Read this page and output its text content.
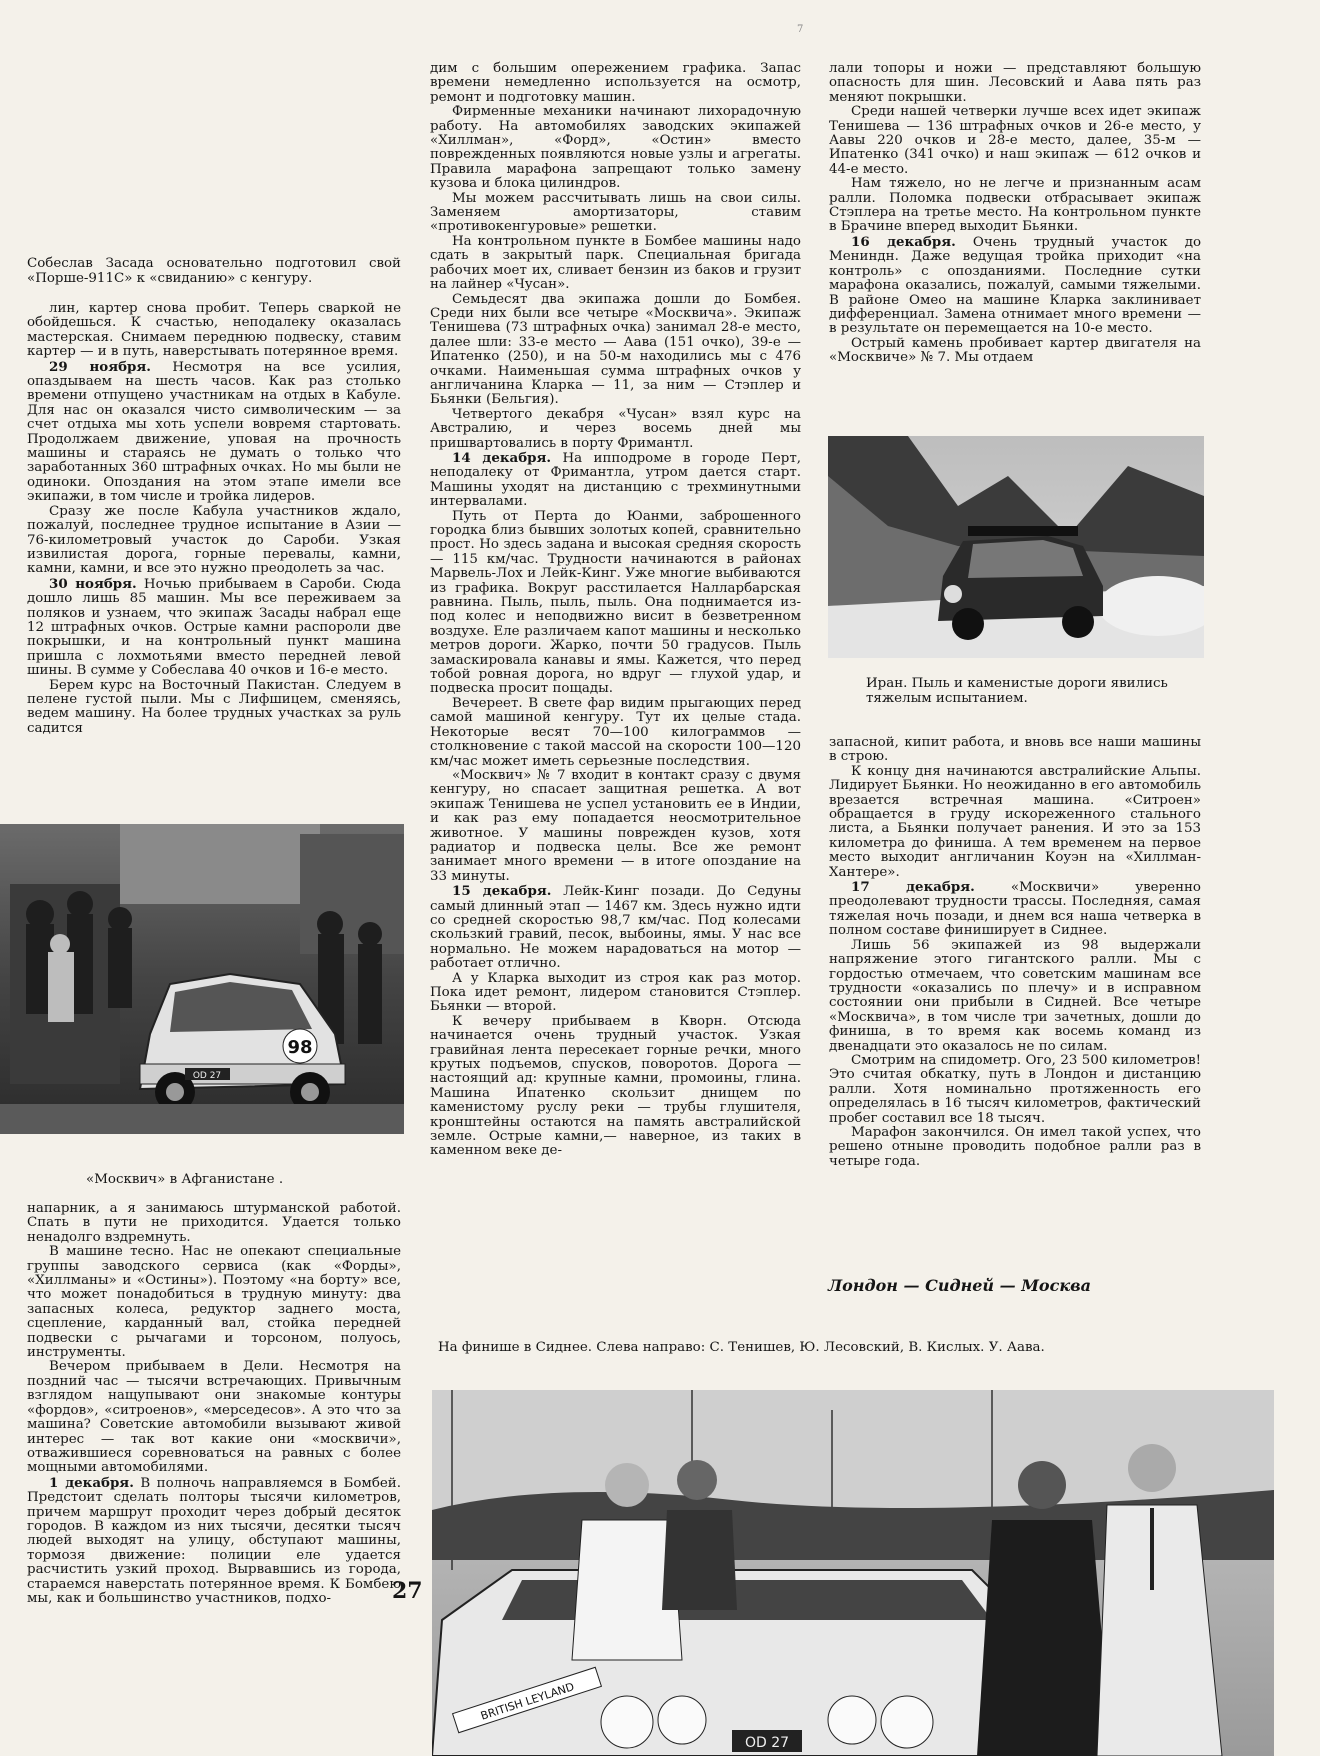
7
Собеслав Засада основательно подготовил свой «Порше-911С» к «свиданию» с кенгуру.

лин, картер снова пробит. Теперь сваркой не обойдешься. К счастью, неподалеку оказалась мастерская. Снимаем переднюю подвеску, ставим картер — и в путь, наверстывать потерянное время.

29 ноября. Несмотря на все усилия, опаздываем на шесть часов. Как раз столько времени отпущено участникам на отдых в Кабуле. Для нас он оказался чисто символическим — за счет отдыха мы хоть успели вовремя стартовать. Продолжаем движение, уповая на прочность машины и стараясь не думать о только что заработанных 360 штрафных очках. Но мы были не одиноки. Опоздания на этом этапе имели все экипажи, в том числе и тройка лидеров.

Сразу же после Кабула участников ждало, пожалуй, последнее трудное испытание в Азии — 76-километровый участок до Сароби. Узкая извилистая дорога, горные перевалы, камни, камни, камни, и все это нужно преодолеть за час.

30 ноября. Ночью прибываем в Сароби. Сюда дошло лишь 85 машин. Мы все переживаем за поляков и узнаем, что экипаж Засады набрал еще 12 штрафных очков. Острые камни распороли две покрышки, и на контрольный пункт машина пришла с лохмотьями вместо передней левой шины. В сумме у Собеслава 40 очков и 16-е место.

Берем курс на Восточный Пакистан. Следуем в пелене густой пыли. Мы с Лифшицем, сменяясь, ведем машину. На более трудных участках за руль садится

98
OD 27
«Москвич» в Афганистане .

напарник, а я занимаюсь штурманской работой. Спать в пути не приходится. Удается только ненадолго вздремнуть.

В машине тесно. Нас не опекают специальные группы заводского сервиса (как «Форды», «Хиллманы» и «Остины»). Поэтому «на борту» все, что может понадобиться в трудную минуту: два запасных колеса, редуктор заднего моста, сцепление, карданный вал, стойка передней подвески с рычагами и торсоном, полуось, инструменты.

Вечером прибываем в Дели. Несмотря на поздний час — тысячи встречающих. Привычным взглядом нащупывают они знакомые контуры «фордов», «ситроенов», «мерседесов». А это что за машина? Советские автомобили вызывают живой интерес — так вот какие они «москвичи», отважившиеся соревноваться на равных с более мощными автомобилями.

1 декабря. В полночь направляемся в Бомбей. Предстоит сделать полторы тысячи километров, причем маршрут проходит через добрый десяток городов. В каждом из них тысячи, десятки тысяч людей выходят на улицу, обступают машины, тормозя движение: полиции еле удается расчистить узкий проход. Вырвавшись из города, стараемся наверстать потерянное время. К Бомбею мы, как и большинство участников, подхо-

дим с большим опережением графика. Запас времени немедленно используется на осмотр, ремонт и подготовку машин.

Фирменные механики начинают лихорадочную работу. На автомобилях заводских экипажей «Хиллман», «Форд», «Остин» вместо поврежденных появляются новые узлы и агрегаты. Правила марафона запрещают только замену кузова и блока цилиндров.

Мы можем рассчитывать лишь на свои силы. Заменяем амортизаторы, ставим «противокенгуровые» решетки.

На контрольном пункте в Бомбее машины надо сдать в закрытый парк. Специальная бригада рабочих моет их, сливает бензин из баков и грузит на лайнер «Чусан».

Семьдесят два экипажа дошли до Бомбея. Среди них были все четыре «Москвича». Экипаж Тенишева (73 штрафных очка) занимал 28-е место, далее шли: 33-е место — Аава (151 очко), 39-е — Ипатенко (250), и на 50-м находились мы с 476 очками. Наименьшая сумма штрафных очков у англичанина Кларка — 11, за ним — Стэплер и Бьянки (Бельгия).

Четвертого декабря «Чусан» взял курс на Австралию, и через восемь дней мы пришвартовались в порту Фримантл.

14 декабря. На ипподроме в городе Перт, неподалеку от Фримантла, утром дается старт. Машины уходят на дистанцию с трехминутными интервалами.

Путь от Перта до Юанми, заброшенного городка близ бывших золотых копей, сравнительно прост. Но здесь задана и высокая средняя скорость — 115 км/час. Трудности начинаются в районах Марвель-Лох и Лейк-Кинг. Уже многие выбиваются из графика. Вокруг расстилается Налларбарская равнина. Пыль, пыль, пыль. Она поднимается из-под колес и неподвижно висит в безветренном воздухе. Еле различаем капот машины и несколько метров дороги. Жарко, почти 50 градусов. Пыль замаскировала канавы и ямы. Кажется, что перед тобой ровная дорога, но вдруг — глухой удар, и подвеска просит пощады.

Вечереет. В свете фар видим прыгающих перед самой машиной кенгуру. Тут их целые стада. Некоторые весят 70—100 килограммов — столкновение с такой массой на скорости 100—120 км/час может иметь серьезные последствия.

«Москвич» № 7 входит в контакт сразу с двумя кенгуру, но спасает защитная решетка. А вот экипаж Тенишева не успел установить ее в Индии, и как раз ему попадается неосмотрительное животное. У машины поврежден кузов, хотя радиатор и подвеска целы. Все же ремонт занимает много времени — в итоге опоздание на 33 минуты.

15 декабря. Лейк-Кинг позади. До Седуны самый длинный этап — 1467 км. Здесь нужно идти со средней скоростью 98,7 км/час. Под колесами скользкий гравий, песок, выбоины, ямы. У нас все нормально. Не можем нарадоваться на мотор — работает отлично.

А у Кларка выходит из строя как раз мотор. Пока идет ремонт, лидером становится Стэплер. Бьянки — второй.

К вечеру прибываем в Кворн. Отсюда начинается очень трудный участок. Узкая гравийная лента пересекает горные речки, много крутых подъемов, спусков, поворотов. Дорога — настоящий ад: крупные камни, промоины, глина. Машина Ипатенко скользит днищем по каменистому руслу реки — трубы глушителя, кронштейны остаются на память австралийской земле. Острые камни,— наверное, из таких в каменном веке де-

лали топоры и ножи — представляют большую опасность для шин. Лесовский и Аава пять раз меняют покрышки.

Среди нашей четверки лучше всех идет экипаж Тенишева — 136 штрафных очков и 26-е место, у Аавы 220 очков и 28-е место, далее, 35-м — Ипатенко (341 очко) и наш экипаж — 612 очков и 44-е место.

Нам тяжело, но не легче и признанным асам ралли. Поломка подвески отбрасывает экипаж Стэплера на третье место. На контрольном пункте в Брачине вперед выходит Бьянки.

16 декабря. Очень трудный участок до Мениндн. Даже ведущая тройка приходит «на контроль» с опозданиями. Последние сутки марафона оказались, пожалуй, самыми тяжелыми. В районе Омео на машине Кларка заклинивает дифференциал. Замена отнимает много времени — в результате он перемещается на 10-е место.

Острый камень пробивает картер двигателя на «Москвиче» № 7. Мы отдаем

Иран. Пыль и каменистые дороги явились тяжелым испытанием.

запасной, кипит работа, и вновь все наши машины в строю.

К концу дня начинаются австралийские Альпы. Лидирует Бьянки. Но неожиданно в его автомобиль врезается встречная машина. «Ситроен» обращается в груду искореженного стального листа, а Бьянки получает ранения. И это за 153 километра до финиша. А тем временем на первое место выходит англичанин Коуэн на «Хиллман-Хантере».

17 декабря. «Москвичи» уверенно преодолевают трудности трассы. Последняя, самая тяжелая ночь позади, и днем вся наша четверка в полном составе финиширует в Сиднее.

Лишь 56 экипажей из 98 выдержали напряжение этого гигантского ралли. Мы с гордостью отмечаем, что советским машинам все трудности «оказались по плечу» и в исправном состоянии они прибыли в Сидней. Все четыре «Москвича», в том числе три зачетных, дошли до финиша, в то время как восемь команд из двенадцати это оказалось не по силам.

Смотрим на спидометр. Ого, 23 500 километров! Это считая обкатку, путь в Лондон и дистанцию ралли. Хотя номинально протяженность его определялась в 16 тысяч километров, фактический пробег составил все 18 тысяч.

Марафон закончился. Он имел такой успех, что решено отныне проводить подобное ралли раз в четыре года.

Лондон — Сидней — Москва
На финише в Сиднее. Слева направо: С. Тенишев, Ю. Лесовский, В. Кислых. У. Аава.
BRITISH LEYLAND
OD 27
27
